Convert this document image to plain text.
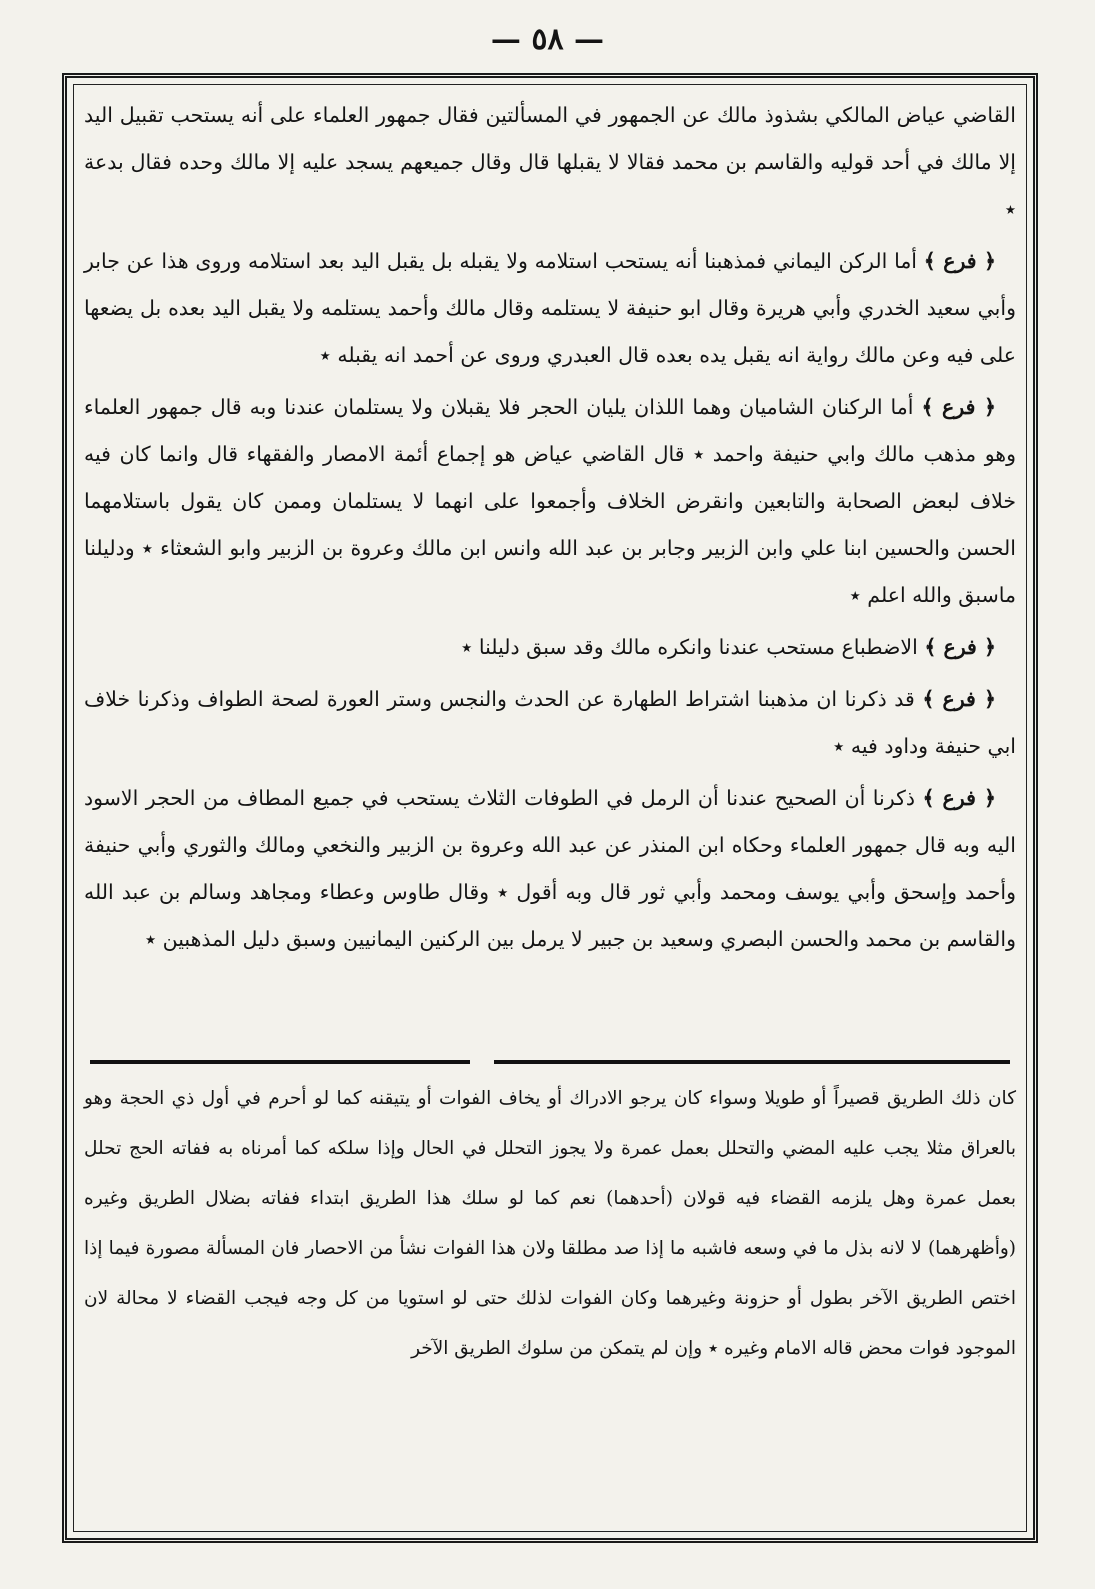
— ٥٨ —

القاضي عياض المالكي بشذوذ مالك عن الجمهور في المسألتين فقال جمهور العلماء على أنه يستحب تقبيل اليد إلا مالك في أحد قوليه والقاسم بن محمد فقالا لا يقبلها قال وقال جميعهم يسجد عليه إلا مالك وحده فقال بدعة ٭

﴿ فرع ﴾ أما الركن اليماني فمذهبنا أنه يستحب استلامه ولا يقبله بل يقبل اليد بعد استلامه وروى هذا عن جابر وأبي سعيد الخدري وأبي هريرة وقال ابو حنيفة لا يستلمه وقال مالك وأحمد يستلمه ولا يقبل اليد بعده بل يضعها على فيه وعن مالك رواية انه يقبل يده بعده قال العبدري وروى عن أحمد انه يقبله ٭

﴿ فرع ﴾ أما الركنان الشاميان وهما اللذان يليان الحجر فلا يقبلان ولا يستلمان عندنا وبه قال جمهور العلماء وهو مذهب مالك وابي حنيفة واحمد ٭ قال القاضي عياض هو إجماع أئمة الامصار والفقهاء قال وانما كان فيه خلاف لبعض الصحابة والتابعين وانقرض الخلاف وأجمعوا على انهما لا يستلمان وممن كان يقول باستلامهما الحسن والحسين ابنا علي وابن الزبير وجابر بن عبد الله وانس ابن مالك وعروة بن الزبير وابو الشعثاء ٭ ودليلنا ماسبق والله اعلم ٭

﴿ فرع ﴾ الاضطباع مستحب عندنا وانكره مالك وقد سبق دليلنا ٭

﴿ فرع ﴾ قد ذكرنا ان مذهبنا اشتراط الطهارة عن الحدث والنجس وستر العورة لصحة الطواف وذكرنا خلاف ابي حنيفة وداود فيه ٭

﴿ فرع ﴾ ذكرنا أن الصحيح عندنا أن الرمل في الطوفات الثلاث يستحب في جميع المطاف من الحجر الاسود اليه وبه قال جمهور العلماء وحكاه ابن المنذر عن عبد الله وعروة بن الزبير والنخعي ومالك والثوري وأبي حنيفة وأحمد وإسحق وأبي يوسف ومحمد وأبي ثور قال وبه أقول ٭ وقال طاوس وعطاء ومجاهد وسالم بن عبد الله والقاسم بن محمد والحسن البصري وسعيد بن جبير لا يرمل بين الركنين اليمانيين وسبق دليل المذهبين ٭

كان ذلك الطريق قصيراً أو طويلا وسواء كان يرجو الادراك أو يخاف الفوات أو يتيقنه كما لو أحرم في أول ذي الحجة وهو بالعراق مثلا يجب عليه المضي والتحلل بعمل عمرة ولا يجوز التحلل في الحال وإذا سلكه كما أمرناه به ففاته الحج تحلل بعمل عمرة وهل يلزمه القضاء فيه قولان (أحدهما) نعم كما لو سلك هذا الطريق ابتداء ففاته بضلال الطريق وغيره (وأظهرهما) لا لانه بذل ما في وسعه فاشبه ما إذا صد مطلقا ولان هذا الفوات نشأ من الاحصار فان المسألة مصورة فيما إذا اختص الطريق الآخر بطول أو حزونة وغيرهما وكان الفوات لذلك حتى لو استويا من كل وجه فيجب القضاء لا محالة لان الموجود فوات محض قاله الامام وغيره ٭ وإن لم يتمكن من سلوك الطريق الآخر
